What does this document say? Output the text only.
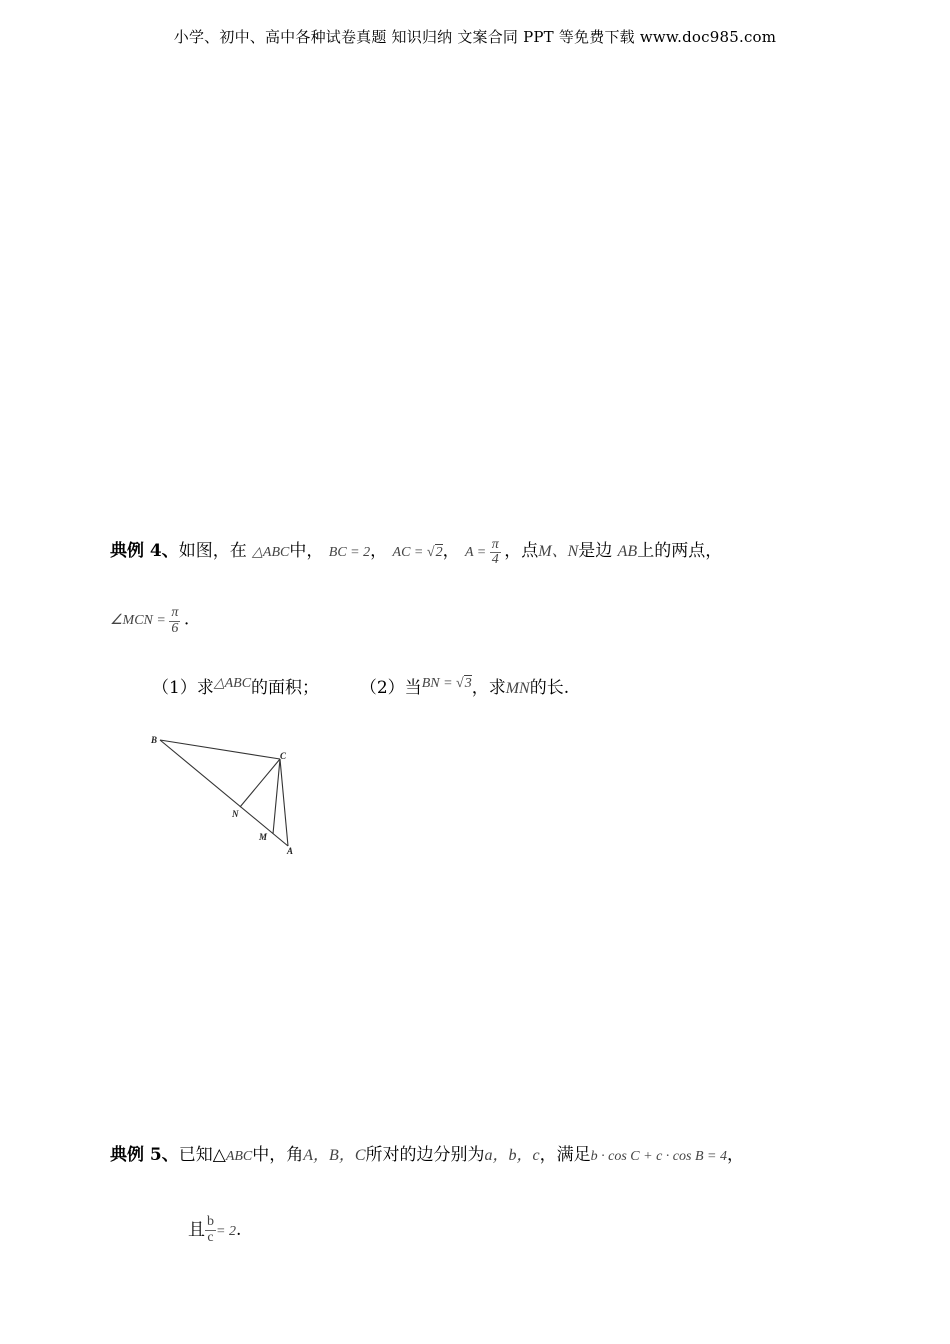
小学、初中、高中各种试卷真题 知识归纳 文案合同 PPT 等免费下载 www.doc985.com
典例 4、如图，在 △ABC中， BC = 2， AC = √2， $A = \frac{\pi}{4}$ ，点M、N是边 AB上的两点，
∠MCN = $\frac{\pi}{6}$ .
（1）求$^{\triangle ABC}$的面积； （2）当$^{BN = √3}$，求MN的长.
B
C
N
M
A
典例 5、已知△ABC中，角A，B，C所对的边分别为a，b，c，满足b · cos C + c · cos B = 4，
且 $\frac{b}{c} = 2$.
